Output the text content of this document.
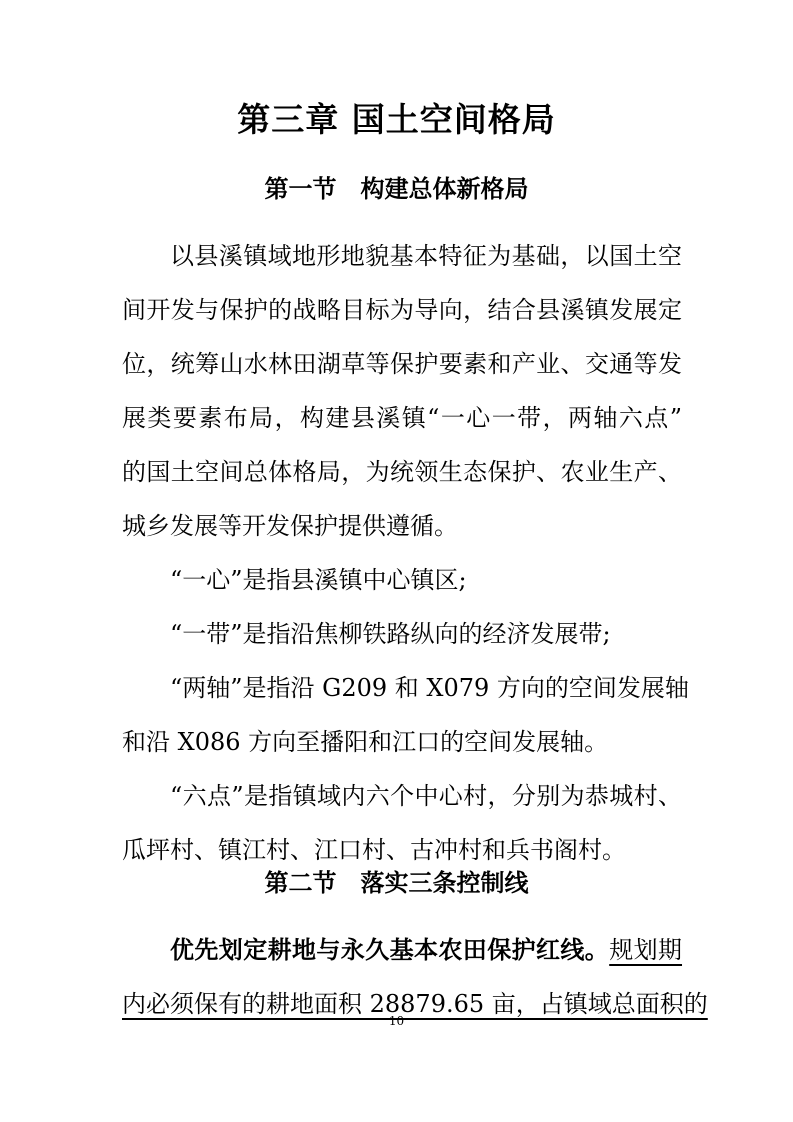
第三章 国土空间格局
第一节　构建总体新格局
以县溪镇域地形地貌基本特征为基础，以国土空
间开发与保护的战略目标为导向，结合县溪镇发展定
位，统筹山水林田湖草等保护要素和产业、交通等发
展类要素布局，构建县溪镇“一心一带，两轴六点”
的国土空间总体格局，为统领生态保护、农业生产、
城乡发展等开发保护提供遵循。
“一心”是指县溪镇中心镇区;
“一带”是指沿焦柳铁路纵向的经济发展带;
“两轴”是指沿 G209 和 X079 方向的空间发展轴
和沿 X086 方向至播阳和江口的空间发展轴。
“六点”是指镇域内六个中心村，分别为恭城村、
瓜坪村、镇江村、江口村、古冲村和兵书阁村。
第二节　落实三条控制线
优先划定耕地与永久基本农田保护红线。规划期
内必须保有的耕地面积 28879.65 亩，占镇域总面积的
10
